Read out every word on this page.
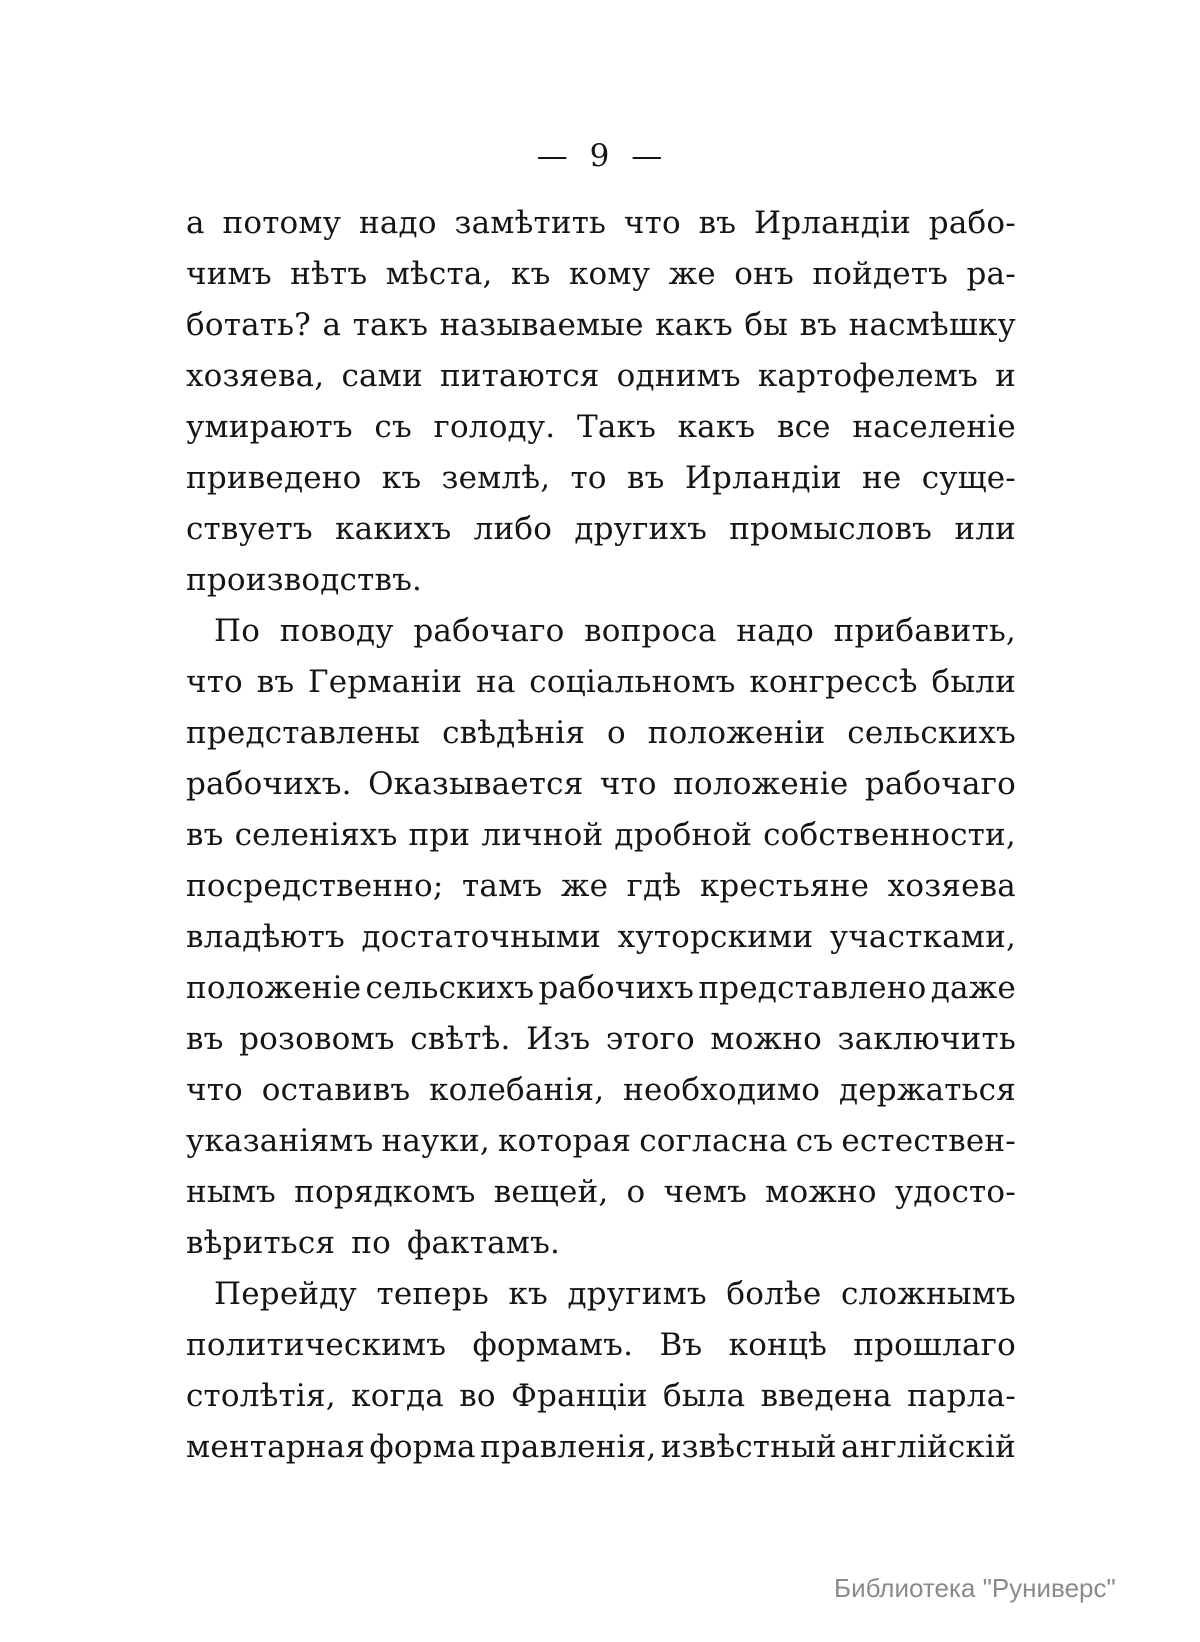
— 9 —
а потому надо замѣтить что въ Ирландіи рабо-
чимъ нѣтъ мѣста, къ кому же онъ пойдетъ ра-
ботать? а такъ называемые какъ бы въ насмѣшку
хозяева, сами питаются однимъ картофелемъ и
умираютъ съ голоду. Такъ какъ все населеніе
приведено къ землѣ, то въ Ирландіи не суще-
ствуетъ какихъ либо другихъ промысловъ или
производствъ.
По поводу рабочаго вопроса надо прибавить,
что въ Германіи на соціальномъ конгрессѣ были
представлены свѣдѣнія о положеніи сельскихъ
рабочихъ. Оказывается что положеніе рабочаго
въ селеніяхъ при личной дробной собственности,
посредственно; тамъ же гдѣ крестьяне хозяева
владѣютъ достаточными хуторскими участками,
положеніе сельскихъ рабочихъ представлено даже
въ розовомъ свѣтѣ. Изъ этого можно заключить
что оставивъ колебанія, необходимо держаться
указаніямъ науки, которая согласна съ естествен-
нымъ порядкомъ вещей, о чемъ можно удосто-
вѣриться по фактамъ.
Перейду теперь къ другимъ болѣе сложнымъ
политическимъ формамъ. Въ концѣ прошлаго
столѣтія, когда во Франціи была введена парла-
ментарная форма правленія, извѣстный англійскій
Библиотека "Руниверс"
